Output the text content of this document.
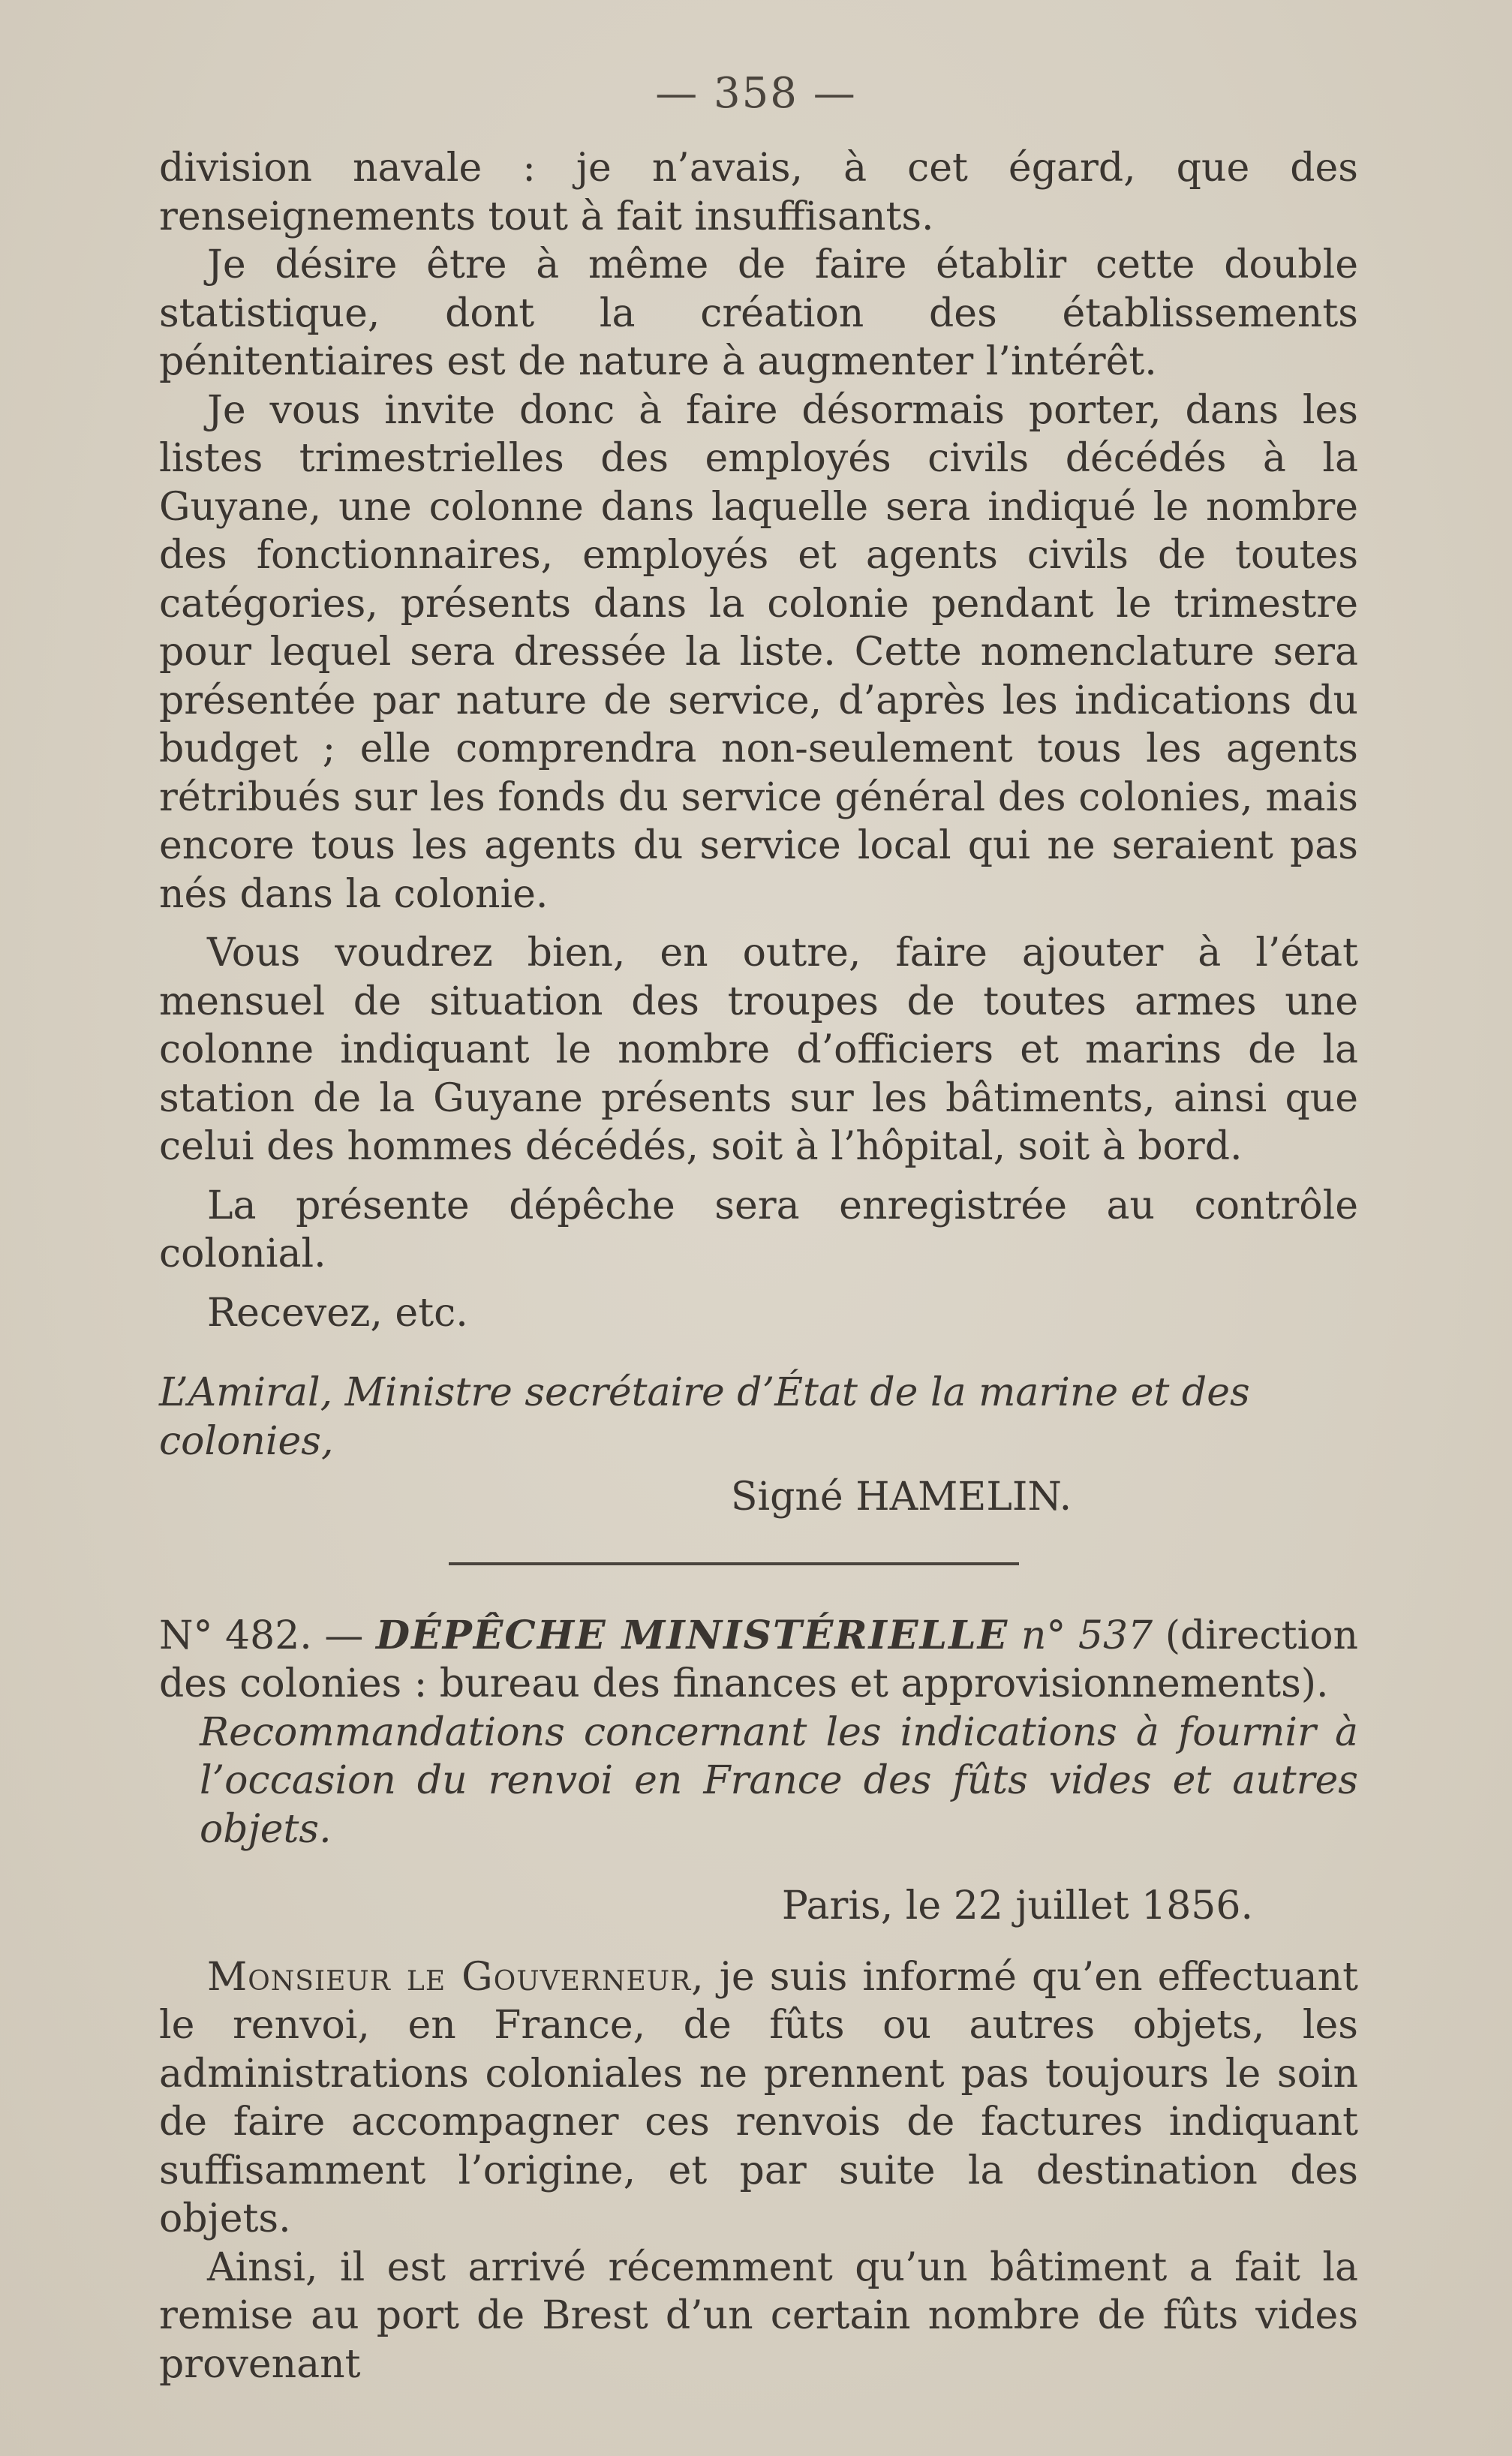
— 358 —

division navale : je n’avais, à cet égard, que des renseignements tout à fait insuffisants.

Je désire être à même de faire établir cette double statistique, dont la création des établissements pénitentiaires est de nature à augmenter l’intérêt.

Je vous invite donc à faire désormais porter, dans les listes trimestrielles des employés civils décédés à la Guyane, une colonne dans laquelle sera indiqué le nombre des fonctionnaires, employés et agents civils de toutes catégories, présents dans la colonie pendant le trimestre pour lequel sera dressée la liste. Cette nomenclature sera présentée par nature de service, d’après les indications du budget ; elle comprendra non-seulement tous les agents rétribués sur les fonds du service général des colonies, mais encore tous les agents du service local qui ne seraient pas nés dans la colonie.

Vous voudrez bien, en outre, faire ajouter à l’état mensuel de situation des troupes de toutes armes une colonne indiquant le nombre d’officiers et marins de la station de la Guyane présents sur les bâtiments, ainsi que celui des hommes décédés, soit à l’hôpital, soit à bord.

La présente dépêche sera enregistrée au contrôle colonial.

Recevez, etc.

L’Amiral, Ministre secrétaire d’État de la marine et des colonies,

Signé HAMELIN.

N° 482. — DÉPÊCHE MINISTÉRIELLE n° 537 (direction des colonies : bureau des finances et approvisionnements).

Recommandations concernant les indications à fournir à l’occasion du renvoi en France des fûts vides et autres objets.

Paris, le 22 juillet 1856.

Monsieur le Gouverneur, je suis informé qu’en effectuant le renvoi, en France, de fûts ou autres objets, les administrations coloniales ne prennent pas toujours le soin de faire accompagner ces renvois de factures indiquant suffisamment l’origine, et par suite la destination des objets.

Ainsi, il est arrivé récemment qu’un bâtiment a fait la remise au port de Brest d’un certain nombre de fûts vides provenant
